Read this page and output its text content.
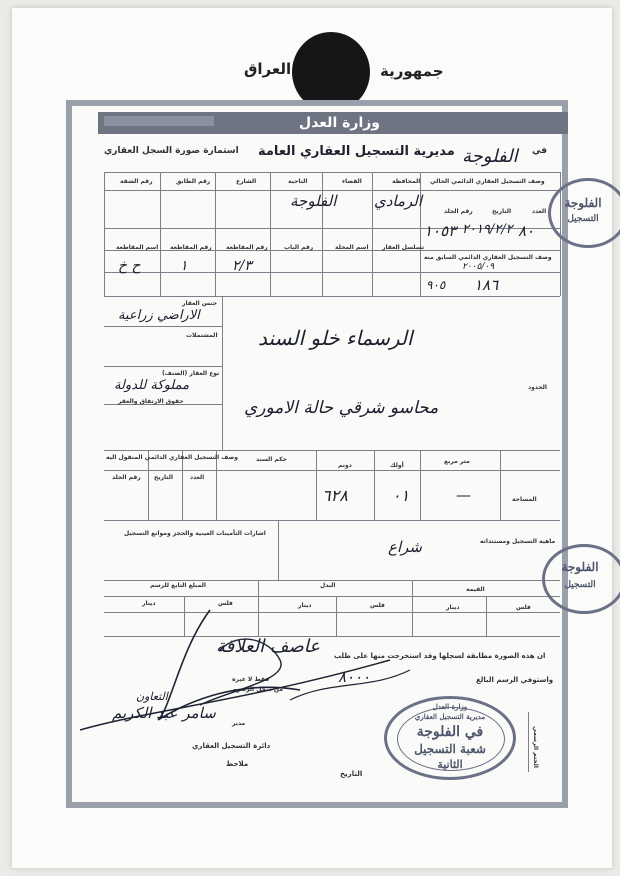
جمهورية
العراق
وزارة العدل
مديرية التسجيل العقاري العامة
استمارة صورة السجل العقاري	في
الفلوجة
المحافظة
القضاء
الناحية
الشارع
رقم الطابق
رقم الشقة	وصف التسجيل العقاري الدائمي الحالي
العدد
التاريخ
رقم الجلد
٨٠
٢٠١٩/٢/٢
١٠٥٣
الرمادي
الفلوجة
تسلسل العقار
اسم المحلة
رقم الباب
رقم المقاطعة
رقم المقاطعة
اسم المقاطعة
وصف التسجيل العقاري الدائمي السابق منه
٢/٣
١
ح خ
١٨٦
٩٠٥
٢٠٠٥/٠٩
جنس العقار
الاراضي زراعية
المشتملات الرسماء خلو السند
نوع العقار (الصنف)
مملوكة للدولة
حقوق الارتفاق والعقر
الحدود
محاسو شرقي حالة الاموري
متر مربع
أولك
دونم
حكم السند
العدد
التاريخ
رقم الجلد
المساحة
وصف التسجيل العقاري الدائمي المنقول اليه
—
٠١
٦٢٨
ماهية التسجيل ومستنداته
شراع
اشارات التأمينات العينية والحجز وموانع التسجيل
القيمة
البدل
المبلغ التابع للرسم
فلس
دينار
فلس
دينار
فلس
دينار
ان هذه الصورة مطابقة لسجلها وقد استخرجت منها على طلب
عاصف العلاقة
واستوفي الرسم البالغ
٨٠٠٠
فقط لا غيره
من سجل الرسوم
مدير
سامر عبد الكريم
التعاون
دائرة التسجيل العقاري
ملاحظ
التاريخ
الختم الرسمي
وزارة العدل
مديرية التسجيل العقاري
في الفلوجة
شعبة التسجيل
الثانية
الفلوجة
التسجيل
الفلوجة
التسجيل
